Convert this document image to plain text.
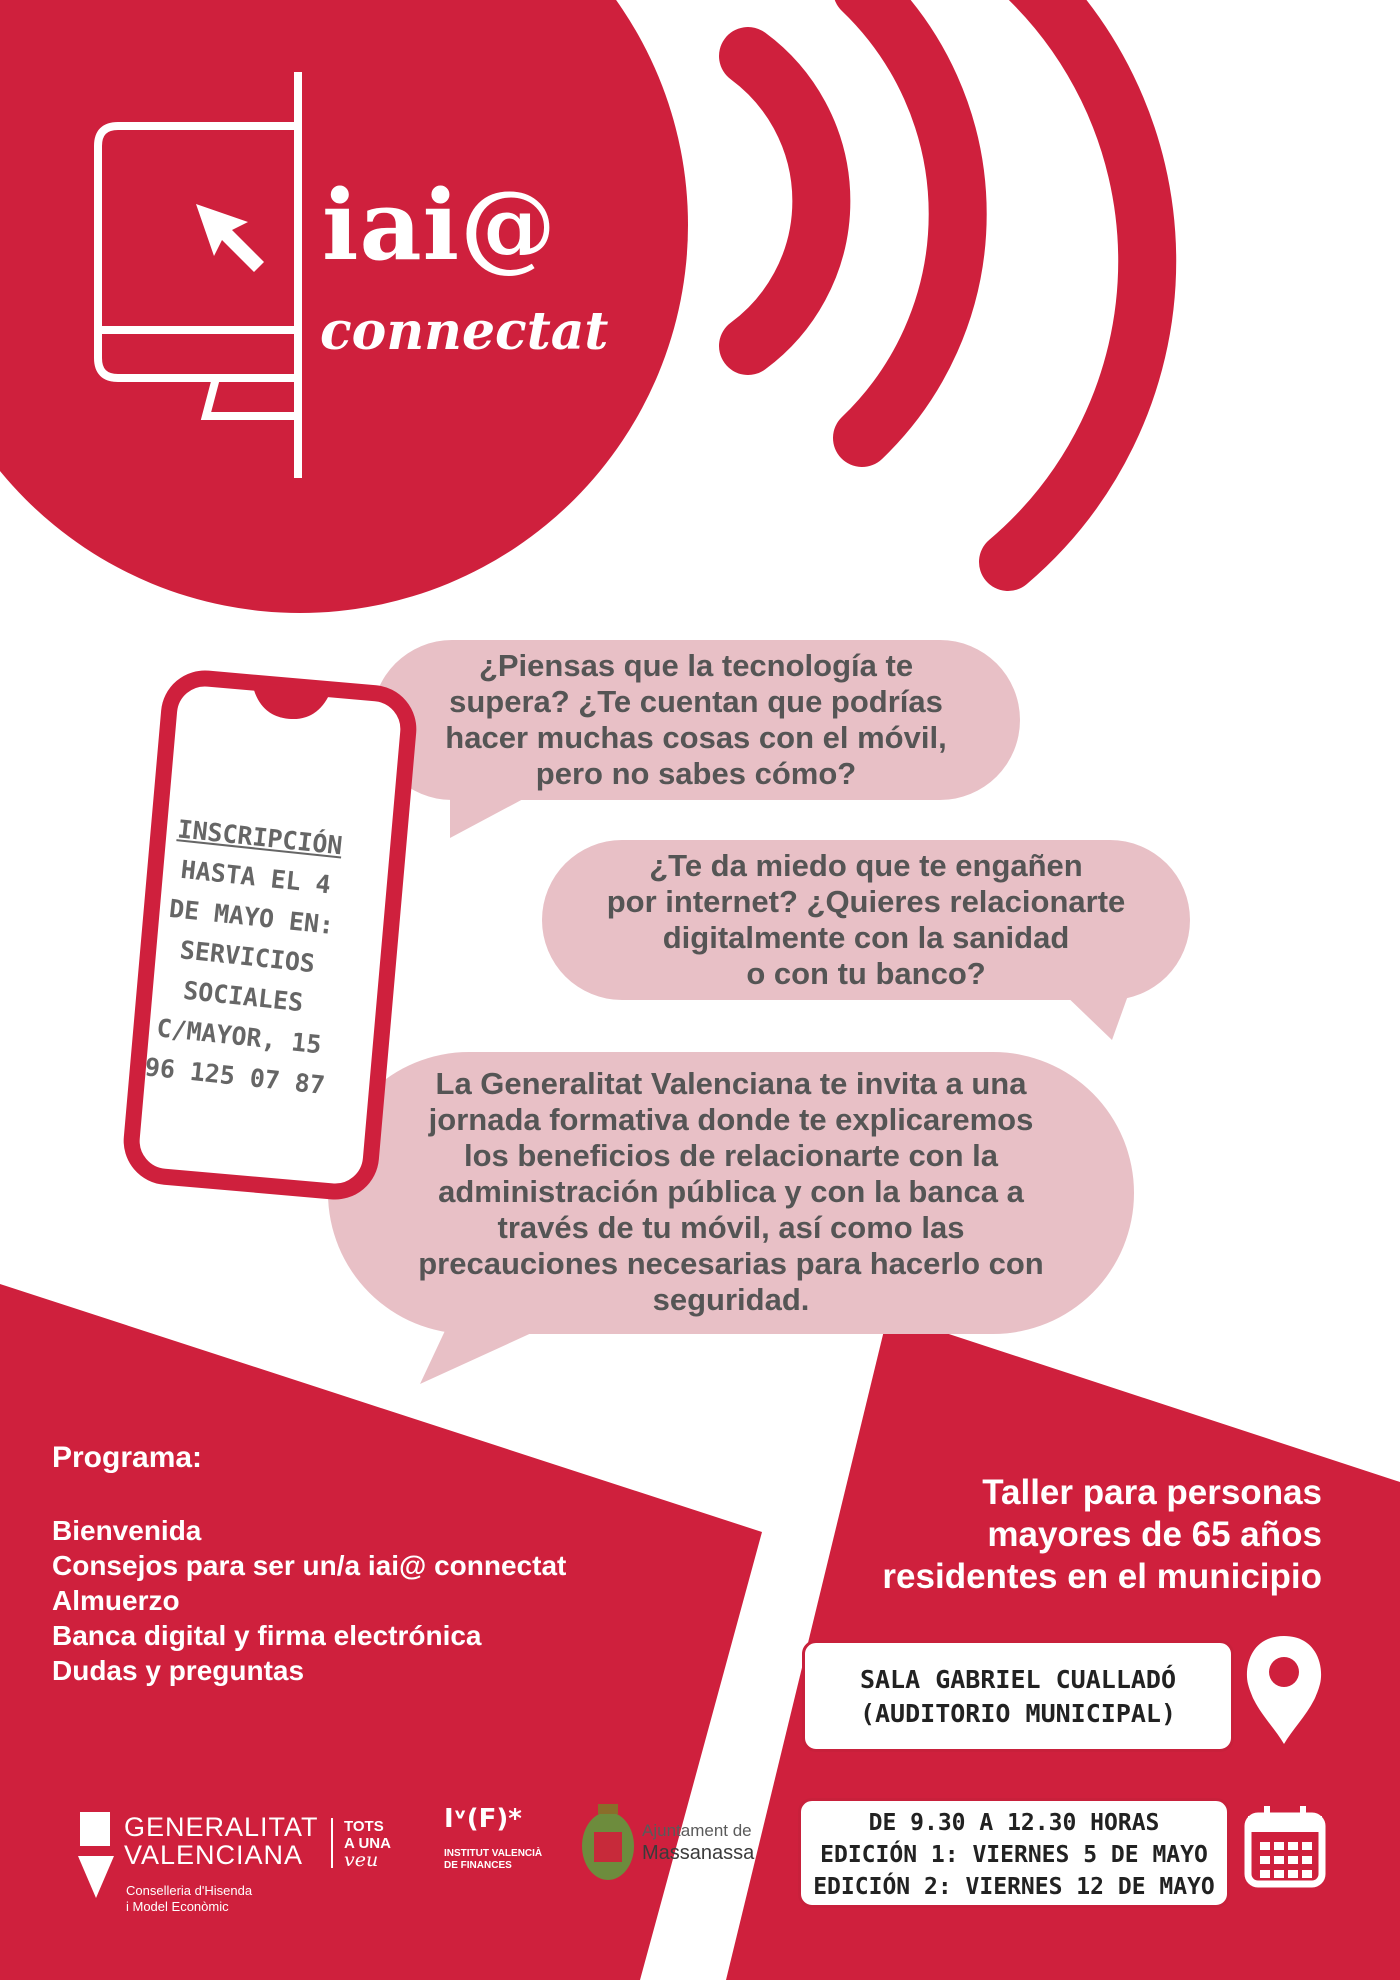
iai@
connectat
¿Piensas que la tecnología te
supera? ¿Te cuentan que podrías
hacer muchas cosas con el móvil,
pero no sabes cómo?
¿Te da miedo que te engañen
por internet? ¿Quieres relacionarte
digitalmente con la sanidad
o con tu banco?
La Generalitat Valenciana te invita a una
jornada formativa donde te explicaremos
los beneficios de relacionarte con la
administración pública y con la banca a
través de tu móvil, así como las
precauciones necesarias para hacerlo con
seguridad.
INSCRIPCIÓN
HASTA EL 4
DE MAYO EN:
SERVICIOS
SOCIALES
C/MAYOR, 15
96 125 07 87
Programa:
Bienvenida
Consejos para ser un/a iai@ connectat
Almuerzo
Banca digital y firma electrónica
Dudas y preguntas
Taller para personas
mayores de 65 años
residentes en el municipio
SALA GABRIEL CUALLADÓ
(AUDITORIO MUNICIPAL)
DE 9.30 A 12.30 HORAS
EDICIÓN 1: VIERNES 5 DE MAYO
EDICIÓN 2: VIERNES 12 DE MAYO
GENERALITAT
VALENCIANA
Conselleria d'Hisenda
i Model Econòmic
TOTS
A UNA
veu
Iᵛ(F)*
INSTITUT VALENCIÀ
DE FINANCES
Ajuntament de
Massanassa
